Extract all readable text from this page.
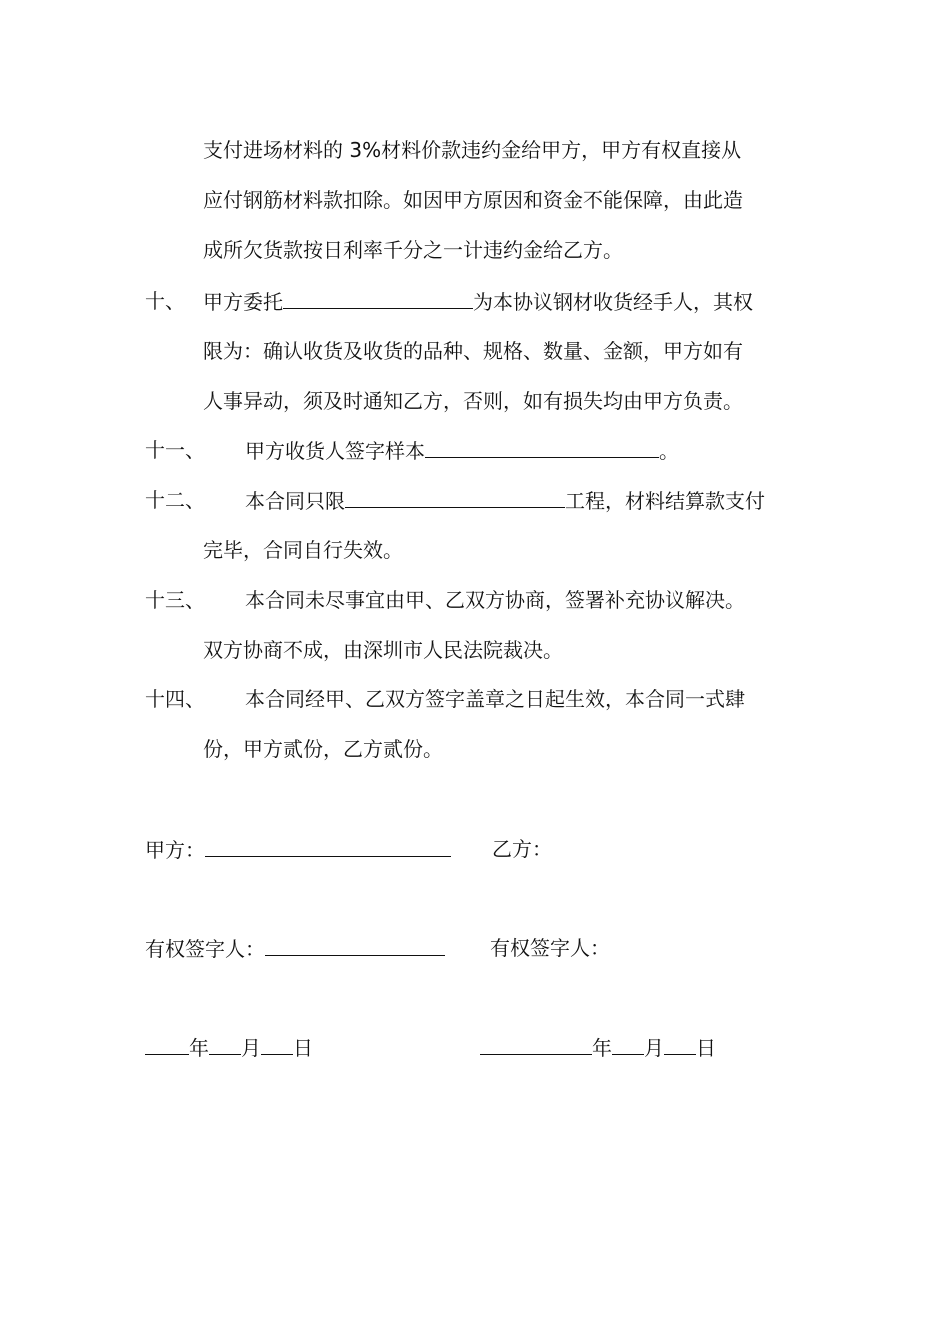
支付进场材料的 3%材料价款违约金给甲方，甲方有权直接从
应付钢筋材料款扣除。如因甲方原因和资金不能保障，由此造
成所欠货款按日利率千分之一计违约金给乙方。
十、 甲方委托	为本协议钢材收货经手人，其权
限为：确认收货及收货的品种、规格、数量、金额，甲方如有
人事异动，须及时通知乙方，否则，如有损失均由甲方负责。
十一、 甲方收货人签字样本	。
十二、 本合同只限	工程，材料结算款支付
完毕，合同自行失效。
十三、 本合同未尽事宜由甲、乙双方协商，签署补充协议解决。
双方协商不成，由深圳市人民法院裁决。
十四、 本合同经甲、乙双方签字盖章之日起生效，本合同一式肆
份，甲方贰份，乙方贰份。
甲方：	乙方：
有权签字人：	有权签字人：
年 月 日	年 月 日
